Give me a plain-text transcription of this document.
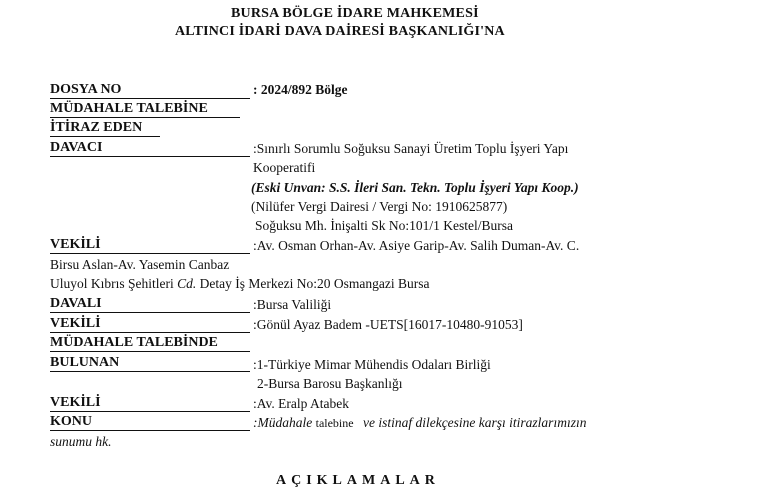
BURSA BÖLGE İDARE MAHKEMESİ
ALTINCI İDARİ DAVA DAİRESİ BAŞKANLIĞI'NA
DOSYA NO	: 2024/892 Bölge
MÜDAHALE TALEBİNE
İTİRAZ EDEN
DAVACI	:Sınırlı Sorumlu Soğuksu Sanayi Üretim Toplu İşyeri Yapı
Kooperatifi
(Eski Unvan: S.S. İleri San. Tekn. Toplu İşyeri Yapı Koop.)
(Nilüfer Vergi Dairesi / Vergi No: 1910625877)
Soğuksu Mh. İnişalti Sk No:101/1 Kestel/Bursa
VEKİLİ	:Av. Osman Orhan-Av. Asiye Garip-Av. Salih Duman-Av. C.
Birsu Aslan-Av. Yasemin Canbaz
Uluyol Kıbrıs Şehitleri Cd. Detay İş Merkezi No:20 Osmangazi Bursa
DAVALI	:Bursa Valiliği
VEKİLİ	:Gönül Ayaz Badem -UETS[16017-10480-91053]
MÜDAHALE TALEBİNDE
BULUNAN	:1-Türkiye Mimar Mühendis Odaları Birliği
2-Bursa Barosu Başkanlığı
VEKİLİ	:Av. Eralp Atabek
KONU	:Müdahale talebine ve istinaf dilekçesine karşı itirazlarımızın
sunumu hk.
AÇIKLAMALAR
